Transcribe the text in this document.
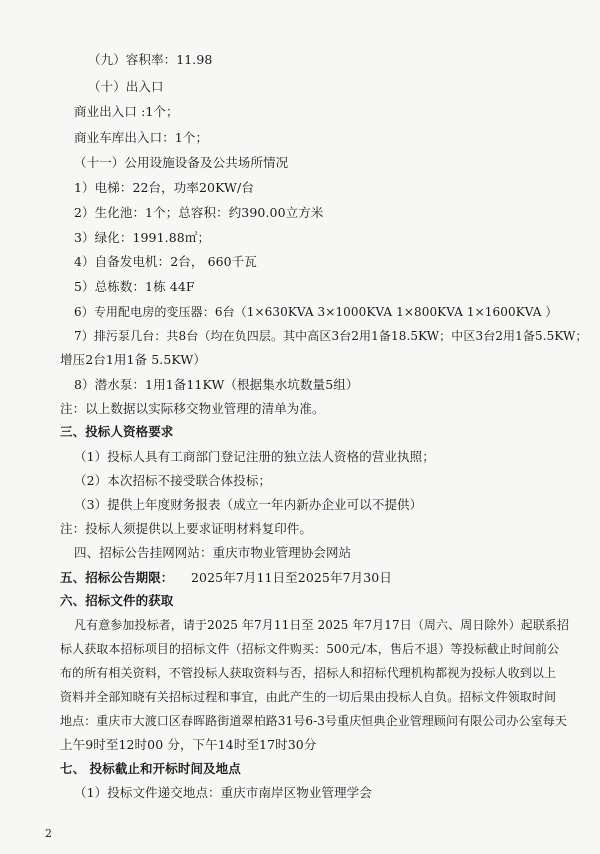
（九）容积率：11.98
（十）出入口
商业出入口 :1个；
商业车库出入口：1个；
（十一）公用设施设备及公共场所情况
1）电梯：22台，功率20KW/台
2）生化池：1个；总容积：约390.00立方米
3）绿化：1991.88㎡；
4）自备发电机：2台， 660千瓦
5）总栋数：1栋 44F
6）专用配电房的变压器：6台（1×630KVA 3×1000KVA 1×800KVA 1×1600KVA ）
7）排污泵几台：共8台（均在负四层。其中高区3台2用1备18.5KW；中区3台2用1备5.5KW；
增压2台1用1备 5.5KW）
8）潜水泵：1用1备11KW（根据集水坑数量5组）
注：以上数据以实际移交物业管理的清单为准。
三、投标人资格要求
（1）投标人具有工商部门登记注册的独立法人资格的营业执照；
（2）本次招标不接受联合体投标；
（3）提供上年度财务报表（成立一年内新办企业可以不提供）
注：投标人须提供以上要求证明材料复印件。
四、招标公告挂网网站：重庆市物业管理协会网站
五、招标公告期限： 2025年7月11日至2025年7月30日
六、招标文件的获取
凡有意参加投标者，请于2025 年7月11日至 2025 年7月17日（周六、周日除外）起联系招
标人获取本招标项目的招标文件（招标文件购买：500元/本，售后不退）等投标截止时间前公
布的所有相关资料，不管投标人获取资料与否，招标人和招标代理机构都视为投标人收到以上
资料并全部知晓有关招标过程和事宜，由此产生的一切后果由投标人自负。招标文件领取时间
地点：重庆市大渡口区春晖路街道翠柏路31号6-3号重庆恒典企业管理顾问有限公司办公室每天
上午9时至12时00 分，下午14时至17时30分
七、 投标截止和开标时间及地点
（1）投标文件递交地点：重庆市南岸区物业管理学会
2
